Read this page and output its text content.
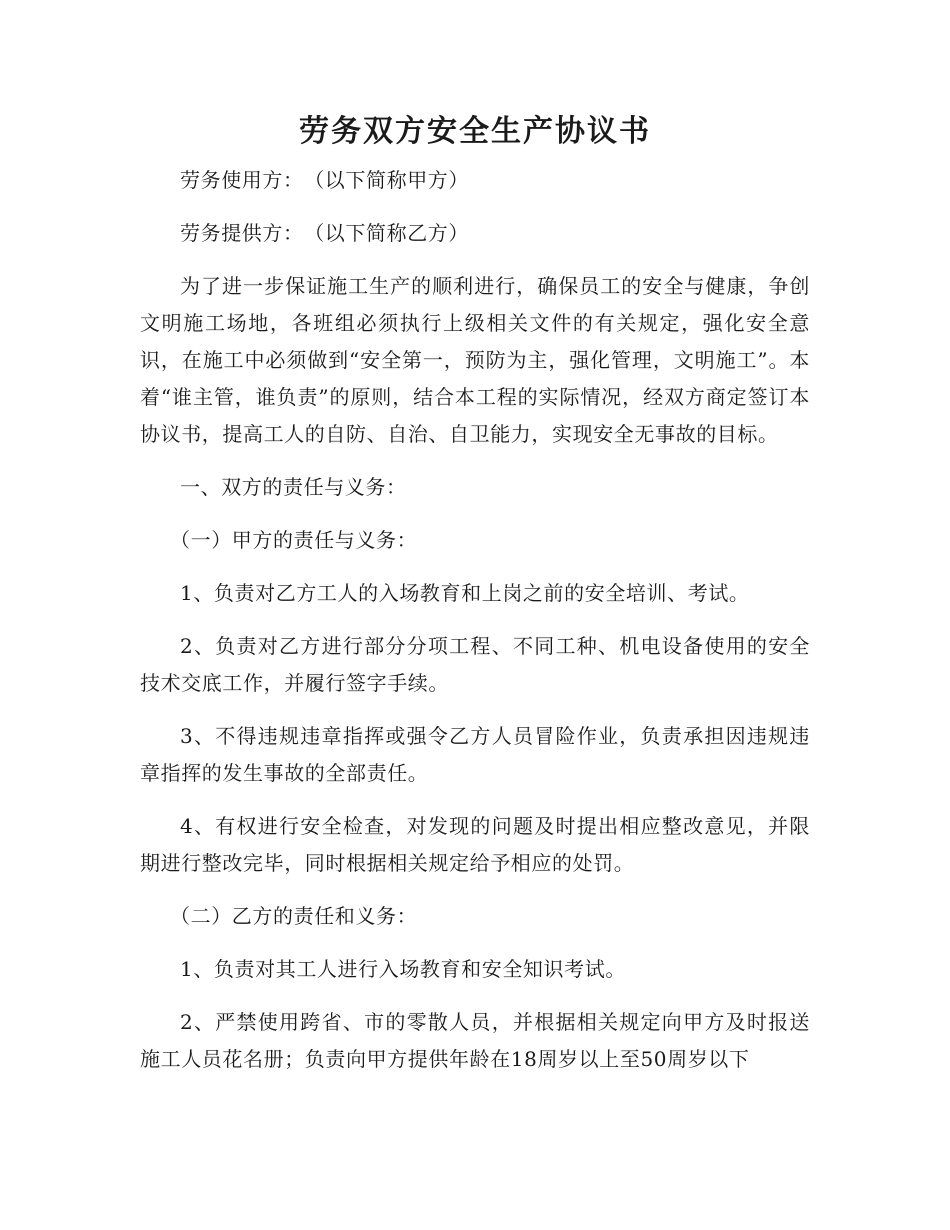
劳务双方安全生产协议书

劳务使用方：　（以下简称甲方）

劳务提供方：　（以下简称乙方）

为了进一步保证施工生产的顺利进行，确保员工的安全与健康，争创文明施工场地，各班组必须执行上级相关文件的有关规定，强化安全意识，在施工中必须做到“安全第一，预防为主，强化管理，文明施工”。本着“谁主管，谁负责”的原则，结合本工程的实际情况，经双方商定签订本协议书，提高工人的自防、自治、自卫能力，实现安全无事故的目标。

一、双方的责任与义务：

（一）甲方的责任与义务：

1、负责对乙方工人的入场教育和上岗之前的安全培训、考试。

2、负责对乙方进行部分分项工程、不同工种、机电设备使用的安全技术交底工作，并履行签字手续。

3、不得违规违章指挥或强令乙方人员冒险作业，负责承担因违规违章指挥的发生事故的全部责任。

4、有权进行安全检查，对发现的问题及时提出相应整改意见，并限期进行整改完毕，同时根据相关规定给予相应的处罚。

（二）乙方的责任和义务：

1、负责对其工人进行入场教育和安全知识考试。

2、严禁使用跨省、市的零散人员，并根据相关规定向甲方及时报送施工人员花名册；负责向甲方提供年龄在18周岁以上至50周岁以下
